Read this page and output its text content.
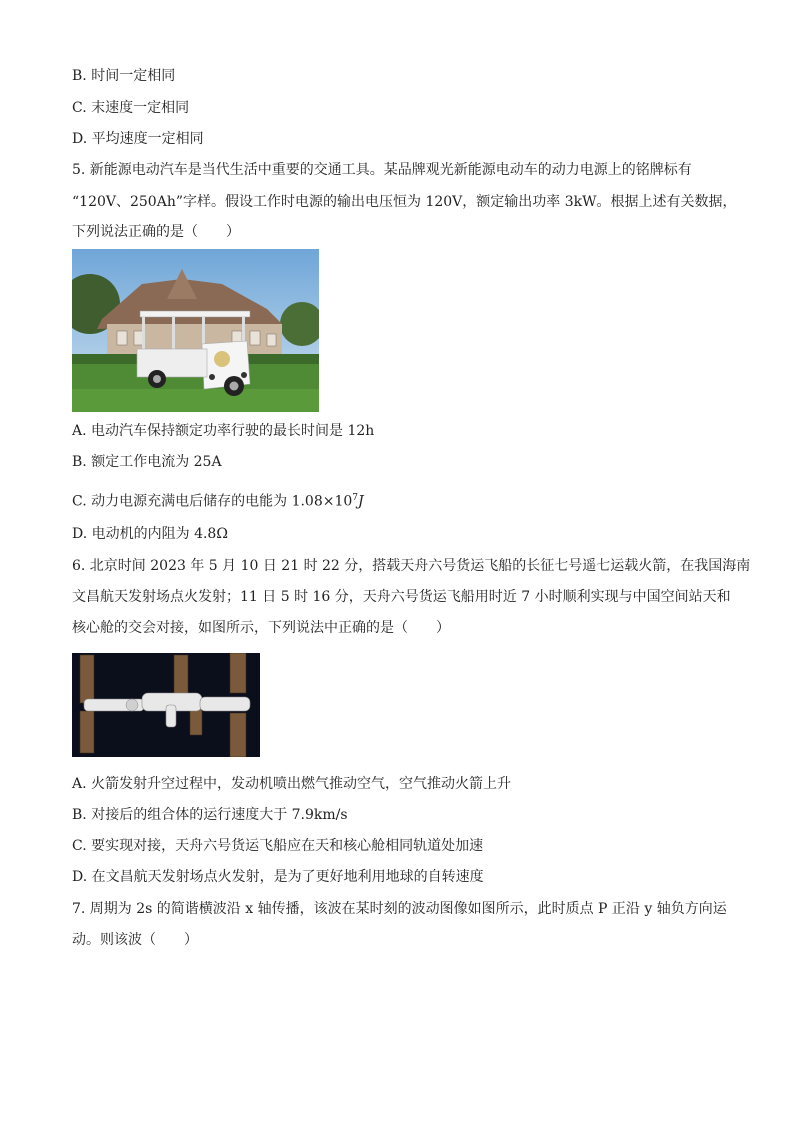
B. 时间一定相同
C. 末速度一定相同
D. 平均速度一定相同
5. 新能源电动汽车是当代生活中重要的交通工具。某品牌观光新能源电动车的动力电源上的铭牌标有
“120V、250Ah”字样。假设工作时电源的输出电压恒为 120V，额定输出功率 3kW。根据上述有关数据，
下列说法正确的是（　　）
A. 电动汽车保持额定功率行驶的最长时间是 12h
B. 额定工作电流为 25A
C. 动力电源充满电后储存的电能为 $1.08\times 10^7J$
D. 电动机的内阻为 4.8Ω
6. 北京时间 2023 年 5 月 10 日 21 时 22 分，搭载天舟六号货运飞船的长征七号遥七运载火箭，在我国海南
文昌航天发射场点火发射；11 日 5 时 16 分，天舟六号货运飞船用时近 7 小时顺利实现与中国空间站天和
核心舱的交会对接，如图所示，下列说法中正确的是（　　）
A. 火箭发射升空过程中，发动机喷出燃气推动空气，空气推动火箭上升
B. 对接后的组合体的运行速度大于 7.9km/s
C. 要实现对接，天舟六号货运飞船应在天和核心舱相同轨道处加速
D. 在文昌航天发射场点火发射，是为了更好地利用地球的自转速度
7. 周期为 2s 的简谐横波沿 x 轴传播，该波在某时刻的波动图像如图所示，此时质点 P 正沿 y 轴负方向运
动。则该波（　　）
